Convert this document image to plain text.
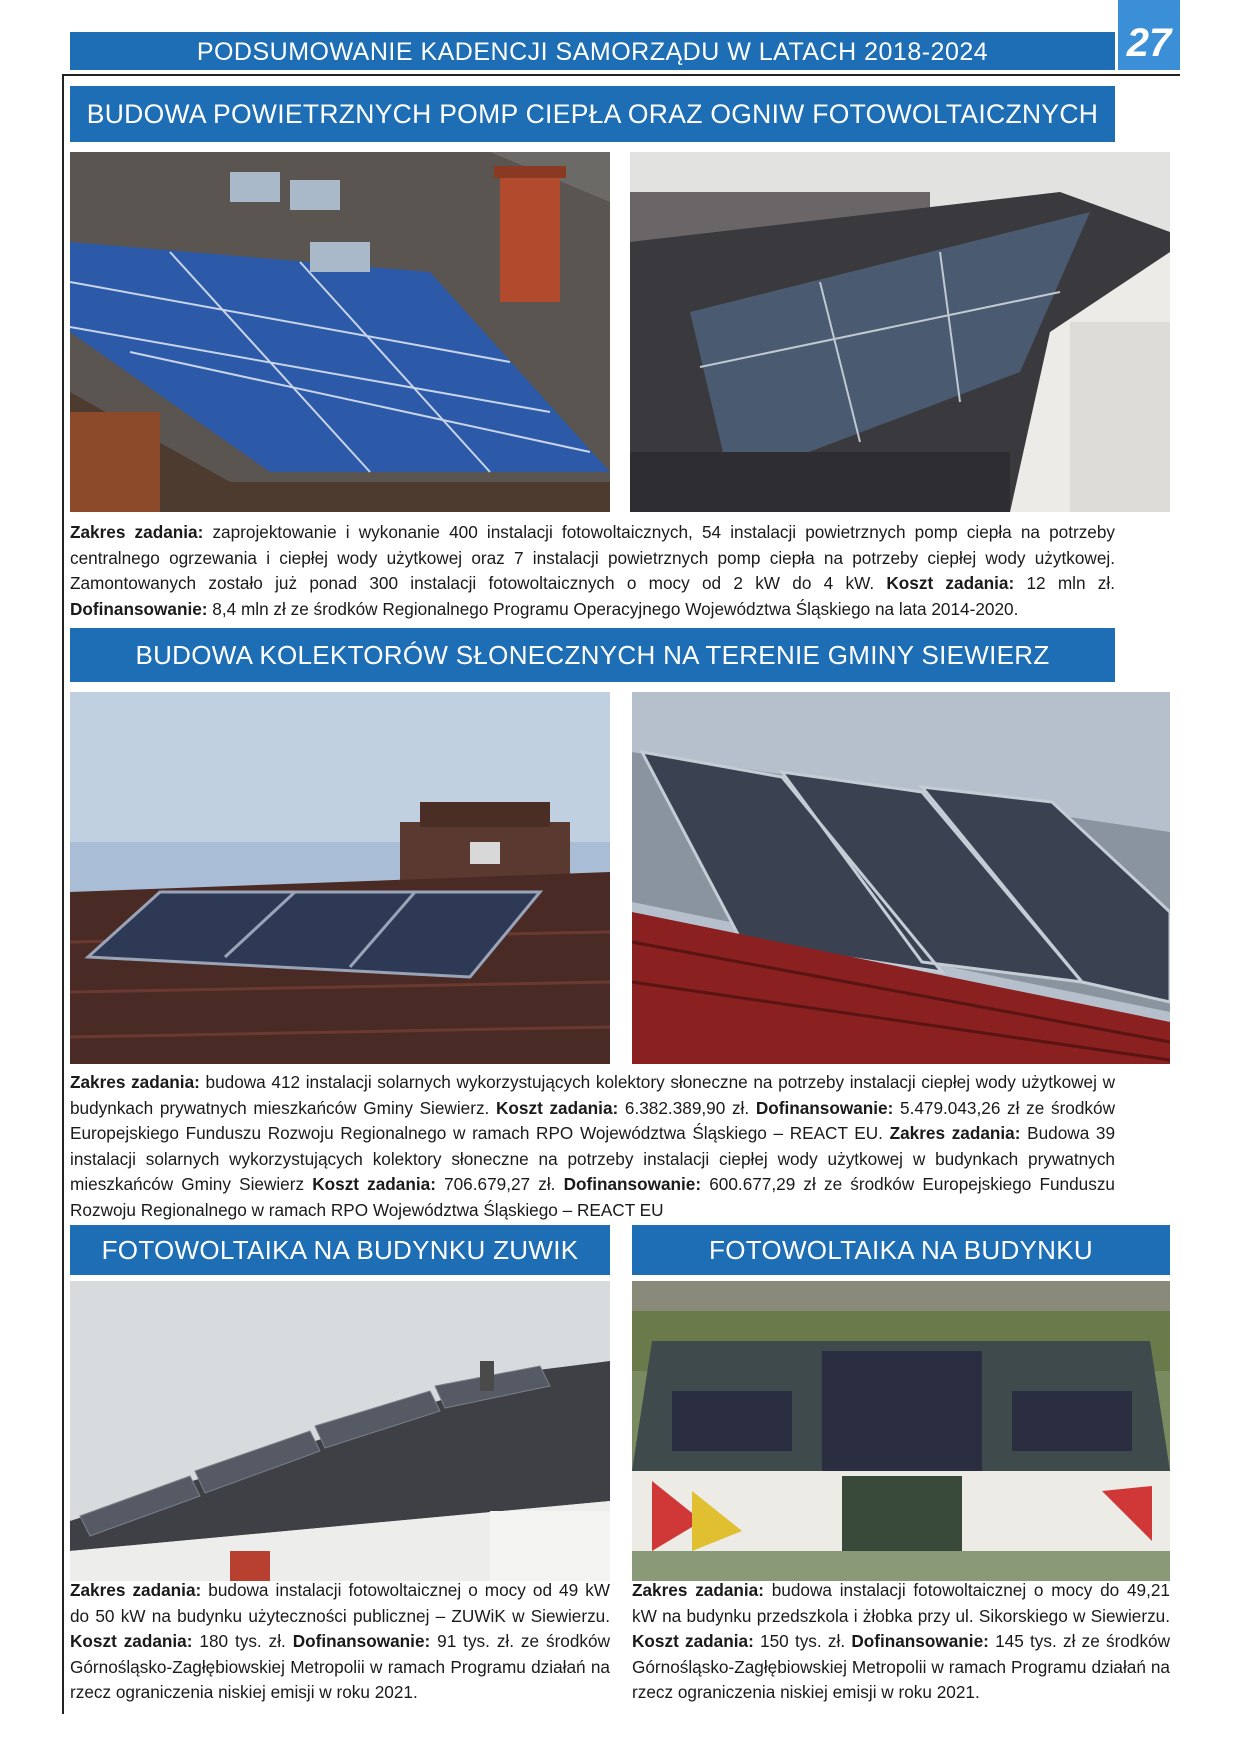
PODSUMOWANIE KADENCJI SAMORZĄDU W LATACH 2018-2024	27
BUDOWA POWIETRZNYCH POMP CIEPŁA ORAZ OGNIW FOTOWOLTAICZNYCH
Zakres zadania: zaprojektowanie i wykonanie 400 instalacji fotowoltaicznych, 54 instalacji powietrznych pomp ciepła na potrzeby centralnego ogrzewania i ciepłej wody użytkowej oraz 7 instalacji powietrznych pomp ciepła na potrzeby ciepłej wody użytkowej. Zamontowanych zostało już ponad 300 instalacji fotowoltaicznych o mocy od 2 kW do 4 kW. Koszt zadania: 12 mln zł. Dofinansowanie: 8,4 mln zł ze środków Regionalnego Programu Operacyjnego Województwa Śląskiego na lata 2014-2020.
BUDOWA KOLEKTORÓW SŁONECZNYCH NA TERENIE GMINY SIEWIERZ
Zakres zadania: budowa 412 instalacji solarnych wykorzystujących kolektory słoneczne na potrzeby instalacji ciepłej wody użytkowej w budynkach prywatnych mieszkańców Gminy Siewierz. Koszt zadania: 6.382.389,90 zł. Dofinansowanie: 5.479.043,26 zł ze środków Europejskiego Funduszu Rozwoju Regionalnego w ramach RPO Województwa Śląskiego – REACT EU. Zakres zadania: Budowa 39 instalacji solarnych wykorzystujących kolektory słoneczne na potrzeby instalacji ciepłej wody użytkowej w budynkach prywatnych mieszkańców Gminy Siewierz Koszt zadania: 706.679,27 zł. Dofinansowanie: 600.677,29 zł ze środków Europejskiego Funduszu Rozwoju Regionalnego w ramach RPO Województwa Śląskiego – REACT EU
FOTOWOLTAIKA NA BUDYNKU ZUWIK
Zakres zadania: budowa instalacji fotowoltaicznej o mocy od 49 kW do 50 kW na budynku użyteczności publicznej – ZUWiK w Siewierzu. Koszt zadania: 180 tys. zł. Dofinansowanie: 91 tys. zł. ze środków Górnośląsko-Zagłębiowskiej Metropolii w ramach Programu działań na rzecz ograniczenia niskiej emisji w roku 2021.
FOTOWOLTAIKA NA BUDYNKU
Zakres zadania: budowa instalacji fotowoltaicznej o mocy do 49,21 kW na budynku przedszkola i żłobka przy ul. Sikorskiego w Siewierzu. Koszt zadania: 150 tys. zł. Dofinansowanie: 145 tys. zł ze środków Górnośląsko-Zagłębiowskiej Metropolii w ramach Programu działań na rzecz ograniczenia niskiej emisji w roku 2021.
